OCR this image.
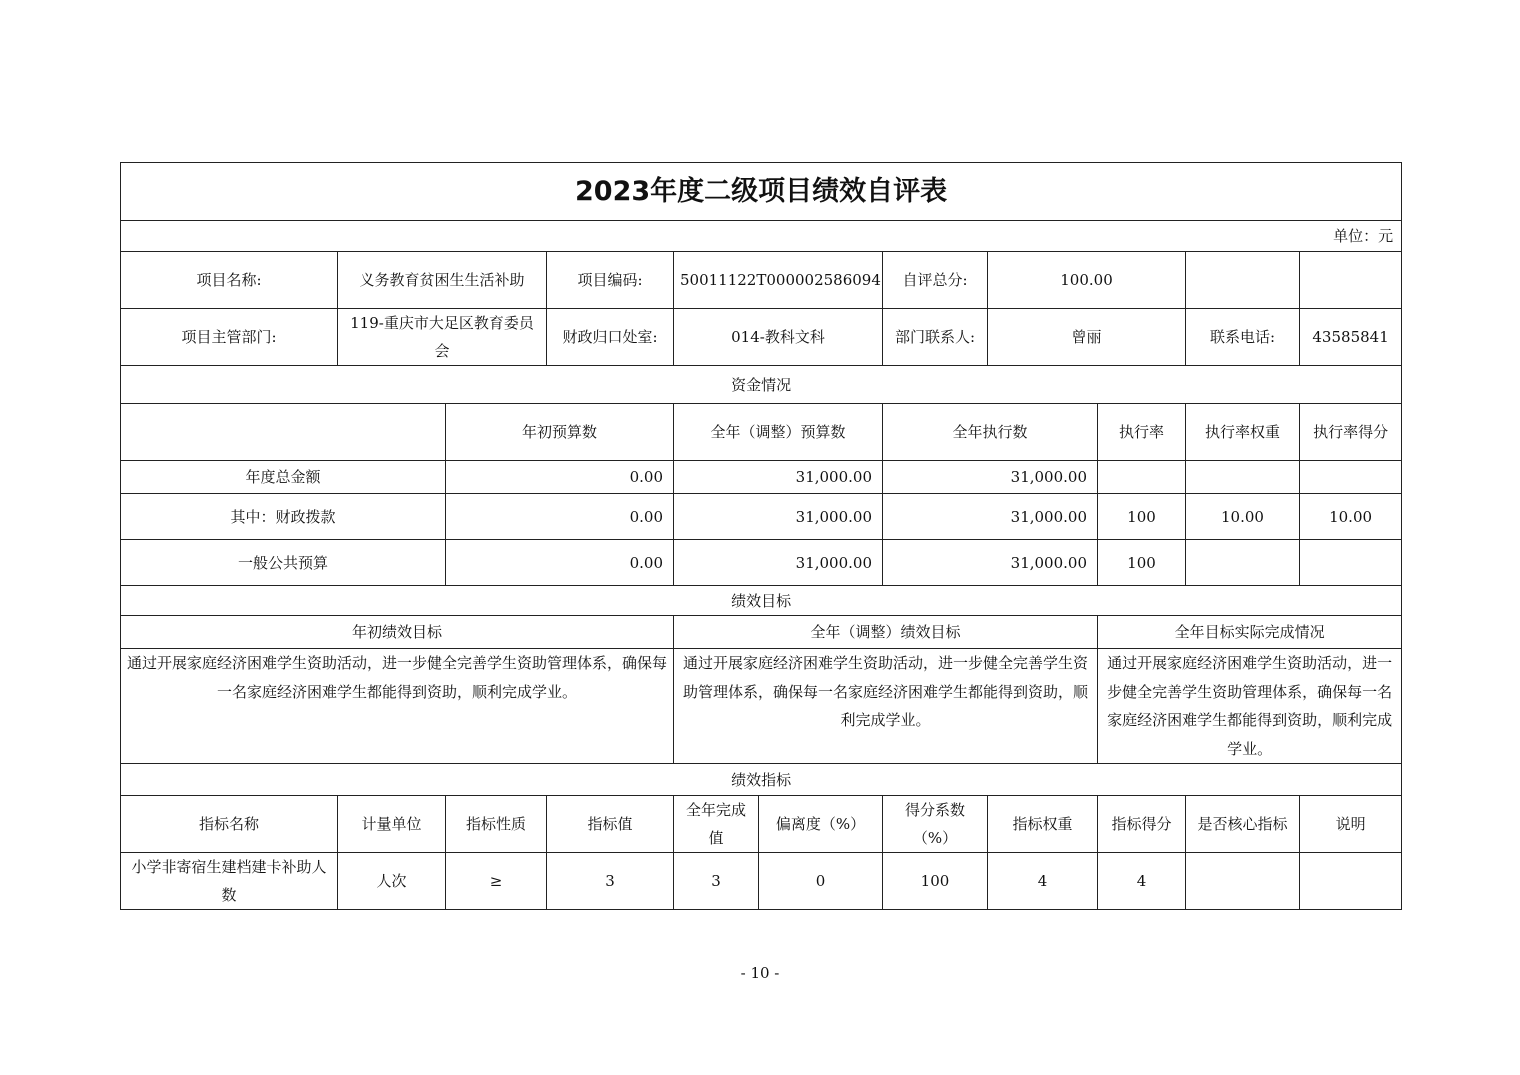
2023年度二级项目绩效自评表										
单位：元										
项目名称:	义务教育贫困生生活补助		项目编码:	50011122T000002586094		自评总分:	100.00			
项目主管部门:	119-重庆市大足区教育委员会		财政归口处室:	014-教科文科		部门联系人:	曾丽		联系电话:	43585841
资金情况										
		年初预算数		全年（调整）预算数		全年执行数		执行率	执行率权重	执行率得分
年度总金额		0.00		31,000.00		31,000.00				
其中：财政拨款		0.00		31,000.00		31,000.00		100	10.00	10.00
一般公共预算		0.00		31,000.00		31,000.00		100		
绩效目标										
年初绩效目标				全年（调整）绩效目标				全年目标实际完成情况		
通过开展家庭经济困难学生资助活动，进一步健全完善学生资助管理体系，确保每一名家庭经济困难学生都能得到资助，顺利完成学业。				通过开展家庭经济困难学生资助活动，进一步健全完善学生资助管理体系，确保每一名家庭经济困难学生都能得到资助，顺利完成学业。				通过开展家庭经济困难学生资助活动，进一步健全完善学生资助管理体系，确保每一名家庭经济困难学生都能得到资助，顺利完成学业。		
绩效指标										
指标名称	计量单位	指标性质	指标值	全年完成值	偏离度（%）	得分系数（%）	指标权重	指标得分	是否核心指标	说明
小学非寄宿生建档建卡补助人数	人次	≥	3	3	0	100	4	4		
- 10 -
